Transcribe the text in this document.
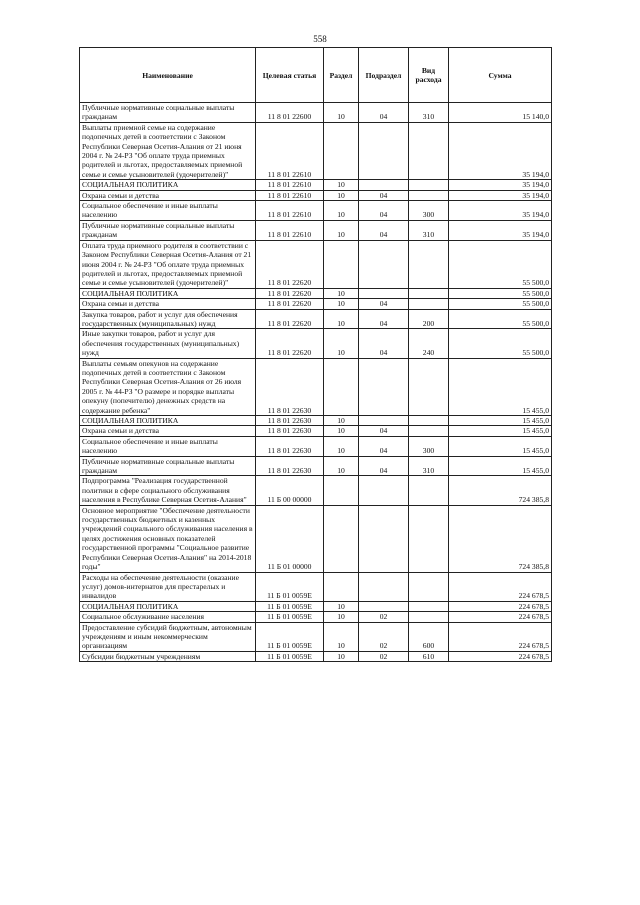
558
Наименование	Целевая статья	Раздел	Подраздел	Вид расхода	Сумма
Публичные нормативные социальные выплаты гражданам	11 8 01 22600	10	04	310	15 140,0
Выплаты приемной семье на содержание подопечных детей в соответствии с Законом Республики Северная Осетия-Алания от 21 июня 2004 г. № 24-РЗ "Об оплате труда приемных родителей и льготах, предоставляемых приемной семье и семье усыновителей (удочерителей)"	11 8 01 22610				35 194,0
СОЦИАЛЬНАЯ ПОЛИТИКА	11 8 01 22610	10			35 194,0
Охрана семьи и детства	11 8 01 22610	10	04		35 194,0
Социальное обеспечение и иные выплаты населению	11 8 01 22610	10	04	300	35 194,0
Публичные нормативные социальные выплаты гражданам	11 8 01 22610	10	04	310	35 194,0
Оплата труда приемного родителя в соответствии с Законом Республики Северная Осетия-Алания от 21 июня 2004 г. № 24-РЗ "Об оплате труда приемных родителей и льготах, предоставляемых приемной семье и семье усыновителей (удочерителей)"	11 8 01 22620				55 500,0
СОЦИАЛЬНАЯ ПОЛИТИКА	11 8 01 22620	10			55 500,0
Охрана семьи и детства	11 8 01 22620	10	04		55 500,0
Закупка товаров, работ и услуг для обеспечения государственных (муниципальных) нужд	11 8 01 22620	10	04	200	55 500,0
Иные закупки товаров, работ и услуг для обеспечения государственных (муниципальных) нужд	11 8 01 22620	10	04	240	55 500,0
Выплаты семьям опекунов на содержание подопечных детей в соответствии с Законом Республики Северная Осетия-Алания от 26 июля 2005 г. № 44-РЗ "О размере и порядке выплаты опекуну (попечителю) денежных средств на содержание ребенка"	11 8 01 22630				15 455,0
СОЦИАЛЬНАЯ ПОЛИТИКА	11 8 01 22630	10			15 455,0
Охрана семьи и детства	11 8 01 22630	10	04		15 455,0
Социальное обеспечение и иные выплаты населению	11 8 01 22630	10	04	300	15 455,0
Публичные нормативные социальные выплаты гражданам	11 8 01 22630	10	04	310	15 455,0
Подпрограмма "Реализация государственной политики в сфере социального обслуживания населения в Республике Северная Осетия-Алания"	11 Б 00 00000				724 385,8
Основное мероприятие "Обеспечение деятельности государственных бюджетных и казенных учреждений социального обслуживания населения в целях достижения основных показателей государственной программы "Социальное развитие Республики Северная Осетия-Алания" на 2014-2018 годы"	11 Б 01 00000				724 385,8
Расходы на обеспечение деятельности (оказание услуг) домов-интернатов для престарелых и инвалидов	11 Б 01 0059Е				224 678,5
СОЦИАЛЬНАЯ ПОЛИТИКА	11 Б 01 0059Е	10			224 678,5
Социальное обслуживание населения	11 Б 01 0059Е	10	02		224 678,5
Предоставление субсидий бюджетным, автономным учреждениям и иным некоммерческим организациям	11 Б 01 0059Е	10	02	600	224 678,5
Субсидии бюджетным учреждениям	11 Б 01 0059Е	10	02	610	224 678,5
